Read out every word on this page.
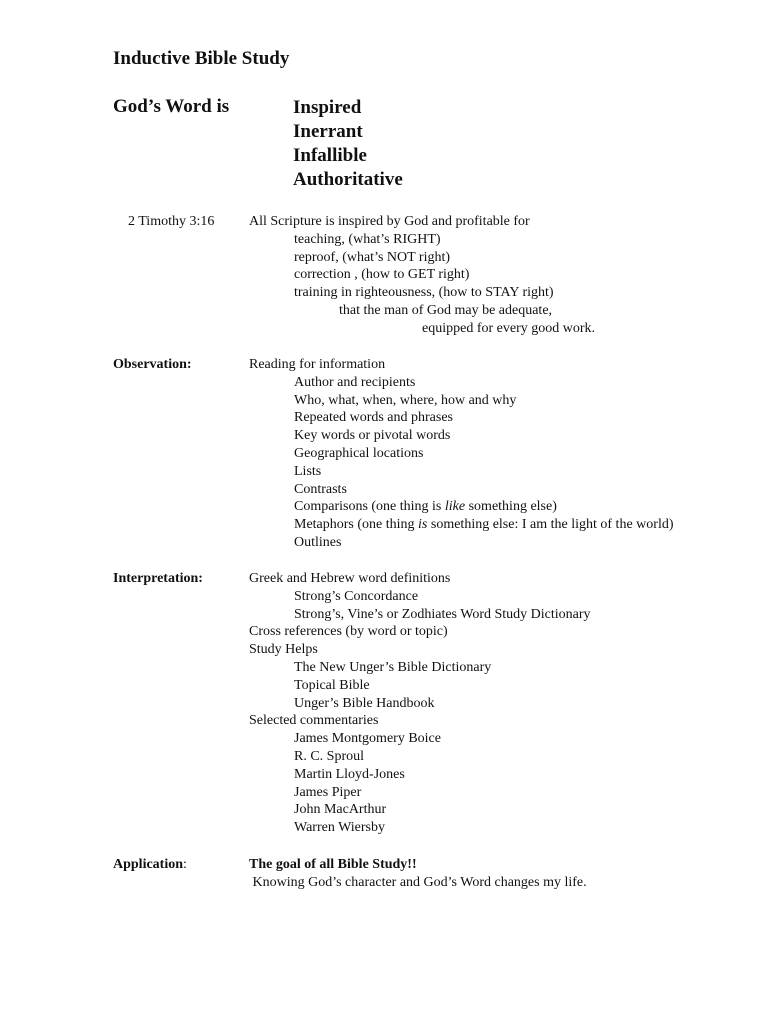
Inductive Bible Study
God’s Word is	Inspired
Inerrant
Infallible
Authoritative
2 Timothy 3:16 All Scripture is inspired by God and profitable for
teaching, (what’s RIGHT)
reproof, (what’s NOT right)
correction , (how to GET right)
training in righteousness, (how to STAY right)
that the man of God may be adequate,
equipped for every good work.
Observation:	Reading for information
Author and recipients
Who, what, when, where, how and why
Repeated words and phrases
Key words or pivotal words
Geographical locations
Lists
Contrasts
Comparisons (one thing is like something else)
Metaphors (one thing is something else: I am the light of the world)
Outlines
Interpretation:	Greek and Hebrew word definitions
Strong’s Concordance
Strong’s, Vine’s or Zodhiates Word Study Dictionary
Cross references (by word or topic)
Study Helps
The New Unger’s Bible Dictionary
Topical Bible
Unger’s Bible Handbook
Selected commentaries
James Montgomery Boice
R. C. Sproul
Martin Lloyd-Jones
James Piper
John MacArthur
Warren Wiersby
Application:	The goal of all Bible Study!!
Knowing God’s character and God’s Word changes my life.
